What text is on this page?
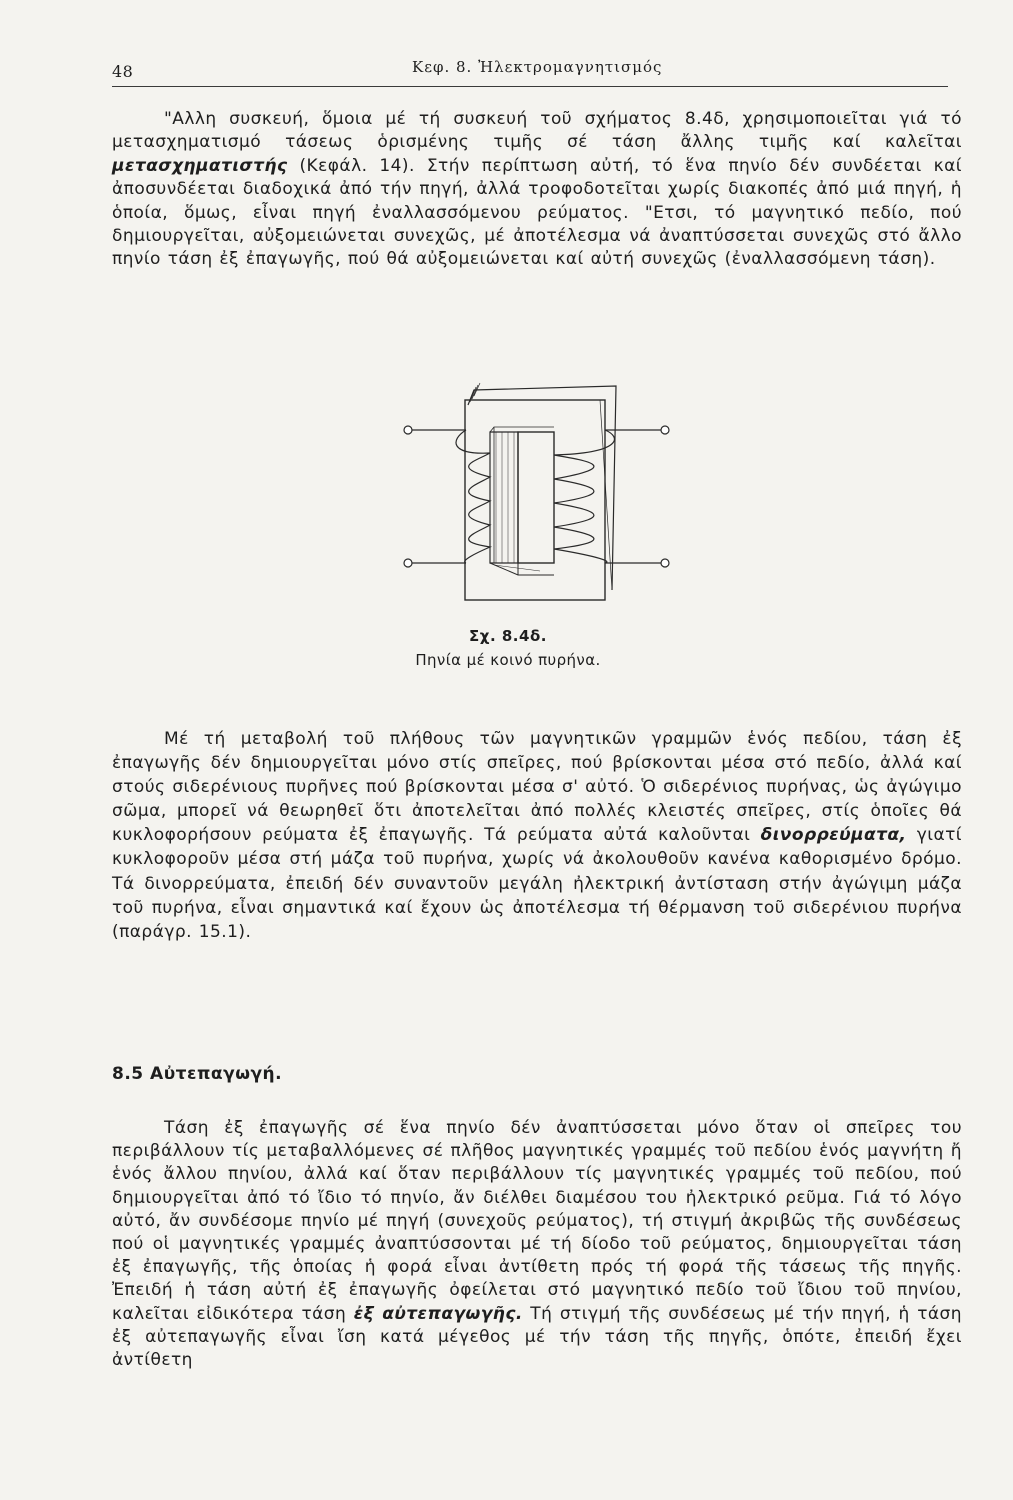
48	Κεφ. 8. Ἠλεκτρομαγνητισμός

"Αλλη συσκευή, ὅμοια μέ τή συσκευή τοῦ σχήματος 8.4δ, χρησιμοποιεῖται γιά τό μετασχηματισμό τάσεως ὁρισμένης τιμῆς σέ τάση ἄλλης τιμῆς καί καλεῖται μετασχηματιστής (Κεφάλ. 14). Στήν περίπτωση αὐτή, τό ἕνα πηνίο δέν συνδέεται καί ἀποσυνδέεται διαδοχικά ἀπό τήν πηγή, ἀλλά τροφοδοτεῖται χωρίς διακοπές ἀπό μιά πηγή, ἡ ὁποία, ὅμως, εἶναι πηγή ἐναλλασσόμενου ρεύματος. "Ετσι, τό μαγνητικό πεδίο, πού δημιουργεῖται, αὐξομειώνεται συνεχῶς, μέ ἀποτέλεσμα νά ἀναπτύσσεται συνεχῶς στό ἄλλο πηνίο τάση ἐξ ἐπαγωγῆς, πού θά αὐξομειώνεται καί αὐτή συνεχῶς (ἐναλλασσόμενη τάση).

Σχ. 8.4δ.
Πηνία μέ κοινό πυρήνα.

Μέ τή μεταβολή τοῦ πλήθους τῶν μαγνητικῶν γραμμῶν ἑνός πεδίου, τάση ἐξ ἐπαγωγῆς δέν δημιουργεῖται μόνο στίς σπεῖρες, πού βρίσκονται μέσα στό πεδίο, ἀλλά καί στούς σιδερένιους πυρῆνες πού βρίσκονται μέσα σ' αὐτό. Ὁ σιδερένιος πυρήνας, ὡς ἀγώγιμο σῶμα, μπορεῖ νά θεωρηθεῖ ὅτι ἀποτελεῖται ἀπό πολλές κλειστές σπεῖρες, στίς ὁποῖες θά κυκλοφορήσουν ρεύματα ἐξ ἐπαγωγῆς. Τά ρεύματα αὐτά καλοῦνται δινορρεύματα, γιατί κυκλοφοροῦν μέσα στή μάζα τοῦ πυρήνα, χωρίς νά ἀκολουθοῦν κανένα καθορισμένο δρόμο. Τά δινορρεύματα, ἐπειδή δέν συναντοῦν μεγάλη ἠλεκτρική ἀντίσταση στήν ἀγώγιμη μάζα τοῦ πυρήνα, εἶναι σημαντικά καί ἔχουν ὡς ἀποτέλεσμα τή θέρμανση τοῦ σιδερένιου πυρήνα (παράγρ. 15.1).

8.5 Αὐτεπαγωγή.

Τάση ἐξ ἐπαγωγῆς σέ ἕνα πηνίο δέν ἀναπτύσσεται μόνο ὅταν οἱ σπεῖρες του περιβάλλουν τίς μεταβαλλόμενες σέ πλῆθος μαγνητικές γραμμές τοῦ πεδίου ἑνός μαγνήτη ἤ ἑνός ἄλλου πηνίου, ἀλλά καί ὅταν περιβάλλουν τίς μαγνητικές γραμμές τοῦ πεδίου, πού δημιουργεῖται ἀπό τό ἴδιο τό πηνίο, ἄν διέλθει διαμέσου του ἠλεκτρικό ρεῦμα. Γιά τό λόγο αὐτό, ἄν συνδέσομε πηνίο μέ πηγή (συνεχοῦς ρεύματος), τή στιγμή ἀκριβῶς τῆς συνδέσεως πού οἱ μαγνητικές γραμμές ἀναπτύσσονται μέ τή δίοδο τοῦ ρεύματος, δημιουργεῖται τάση ἐξ ἐπαγωγῆς, τῆς ὁποίας ἡ φορά εἶναι ἀντίθετη πρός τή φορά τῆς τάσεως τῆς πηγῆς. Ἐπειδή ἡ τάση αὐτή ἐξ ἐπαγωγῆς ὀφείλεται στό μαγνητικό πεδίο τοῦ ἴδιου τοῦ πηνίου, καλεῖται εἰδικότερα τάση ἐξ αὐτεπαγωγῆς. Τή στιγμή τῆς συνδέσεως μέ τήν πηγή, ἡ τάση ἐξ αὐτεπαγωγῆς εἶναι ἴση κατά μέγεθος μέ τήν τάση τῆς πηγῆς, ὁπότε, ἐπειδή ἔχει ἀντίθετη
